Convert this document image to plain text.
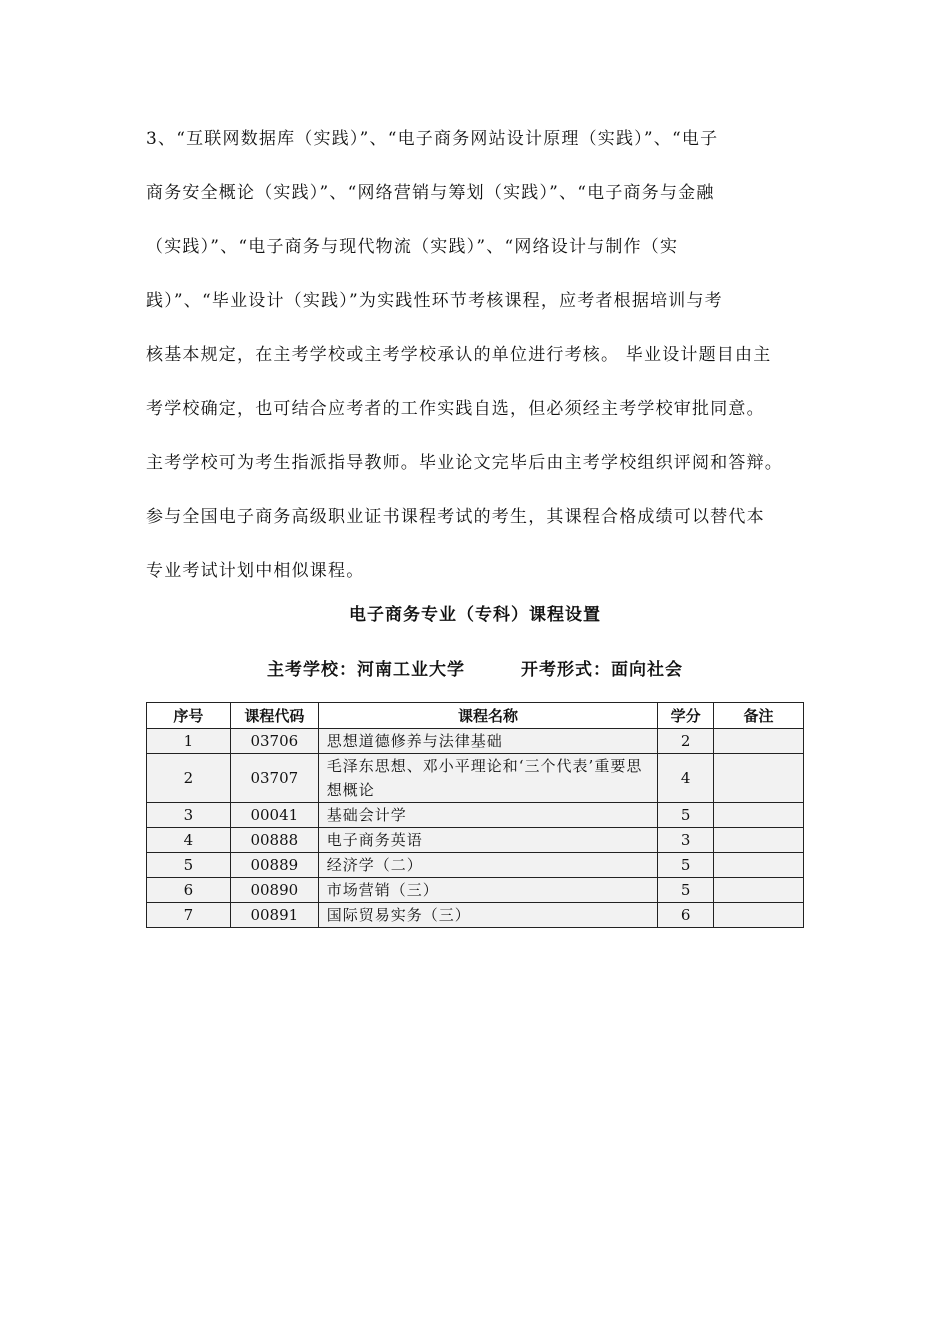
3、“互联网数据库（实践）”、“电子商务网站设计原理（实践）”、“电子
商务安全概论（实践）”、“网络营销与筹划（实践）”、“电子商务与金融
（实践）”、“电子商务与现代物流（实践）”、“网络设计与制作（实
践）”、“毕业设计（实践）”为实践性环节考核课程，应考者根据培训与考
核基本规定，在主考学校或主考学校承认的单位进行考核。 毕业设计题目由主
考学校确定，也可结合应考者的工作实践自选，但必须经主考学校审批同意。
主考学校可为考生指派指导教师。毕业论文完毕后由主考学校组织评阅和答辩。
参与全国电子商务高级职业证书课程考试的考生，其课程合格成绩可以替代本
专业考试计划中相似课程。
电子商务专业（专科）课程设置
主考学校：河南工业大学	开考形式：面向社会
序号	课程代码	课程名称	学分	备注
1	03706	思想道德修养与法律基础	2	
2	03707	毛泽东思想、邓小平理论和‘三个代表’重要思想概论	4	
3	00041	基础会计学	5	
4	00888	电子商务英语	3	
5	00889	经济学（二）	5	
6	00890	市场营销（三）	5	
7	00891	国际贸易实务（三）	6	
